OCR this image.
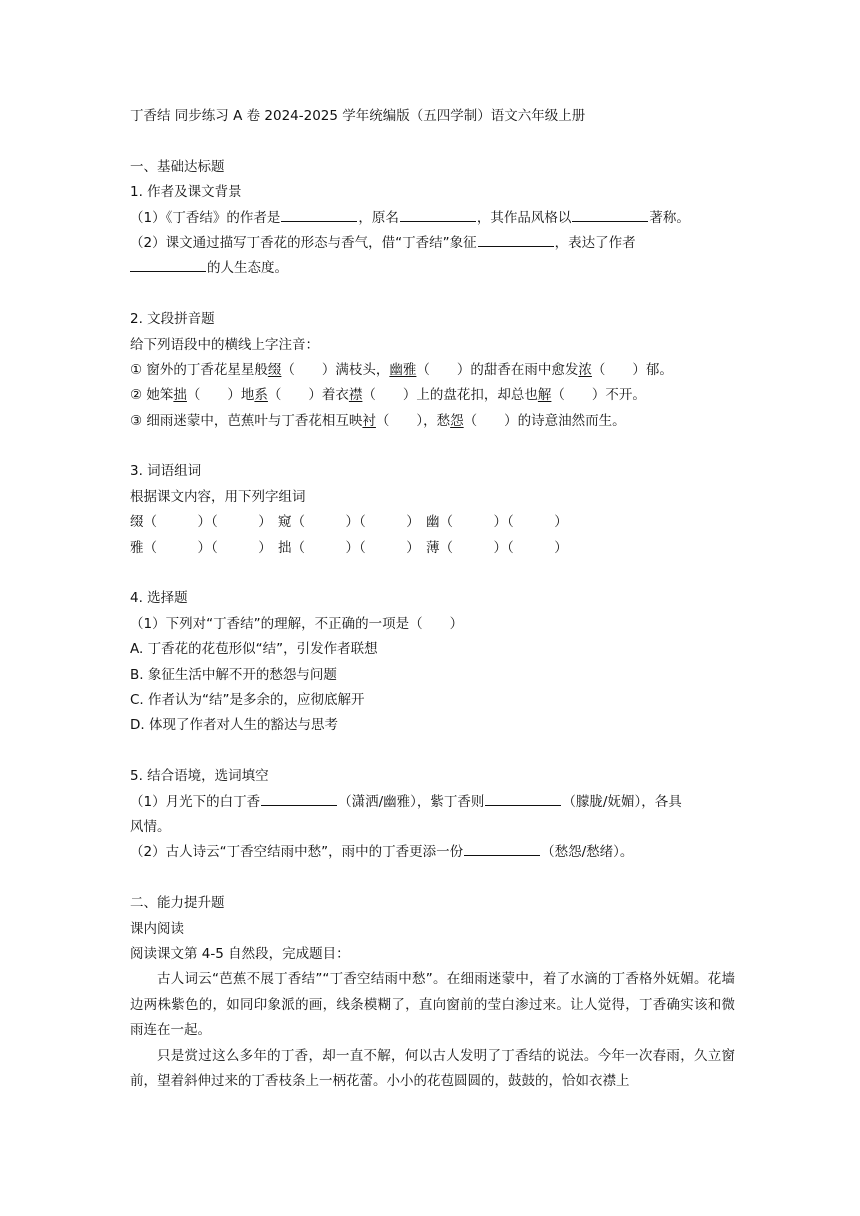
丁香结 同步练习 A 卷 2024-2025 学年统编版（五四学制）语文六年级上册
一、基础达标题
1. 作者及课文背景
（1）《丁香结》的作者是	，原名	，其作品风格以	著称。
（2）课文通过描写丁香花的形态与香气，借“丁香结”象征	，表达了作者
的人生态度。
2. 文段拼音题
给下列语段中的横线上字注音：
① 窗外的丁香花星星般缀（　　）满枝头，幽雅（　　）的甜香在雨中愈发浓（　　）郁。
② 她笨拙（　　）地系（　　）着衣襟（　　）上的盘花扣，却总也解（　　）不开。
③ 细雨迷蒙中，芭蕉叶与丁香花相互映衬（　　），愁怨（　　）的诗意油然而生。
3. 词语组词
根据课文内容，用下列字组词
缀（　　　）（　　　） 窥（　　　）（　　　） 幽（　　　）（　　　）
雅（　　　）（　　　） 拙（　　　）（　　　） 薄（　　　）（　　　）
4. 选择题
（1）下列对“丁香结”的理解，不正确的一项是（　　）
A. 丁香花的花苞形似“结”，引发作者联想
B. 象征生活中解不开的愁怨与问题
C. 作者认为“结”是多余的，应彻底解开
D. 体现了作者对人生的豁达与思考
5. 结合语境，选词填空
（1）月光下的白丁香	（潇洒/幽雅），紫丁香则	（朦胧/妩媚），各具
风情。
（2）古人诗云“丁香空结雨中愁”，雨中的丁香更添一份	（愁怨/愁绪）。
二、能力提升题
课内阅读
阅读课文第 4-5 自然段，完成题目：
古人词云“芭蕉不展丁香结”“丁香空结雨中愁”。在细雨迷蒙中，着了水滴的丁香格外妩媚。花墙边两株紫色的，如同印象派的画，线条模糊了，直向窗前的莹白渗过来。让人觉得，丁香确实该和微雨连在一起。
只是赏过这么多年的丁香，却一直不解，何以古人发明了丁香结的说法。今年一次春雨，久立窗前，望着斜伸过来的丁香枝条上一柄花蕾。小小的花苞圆圆的，鼓鼓的，恰如衣襟上
